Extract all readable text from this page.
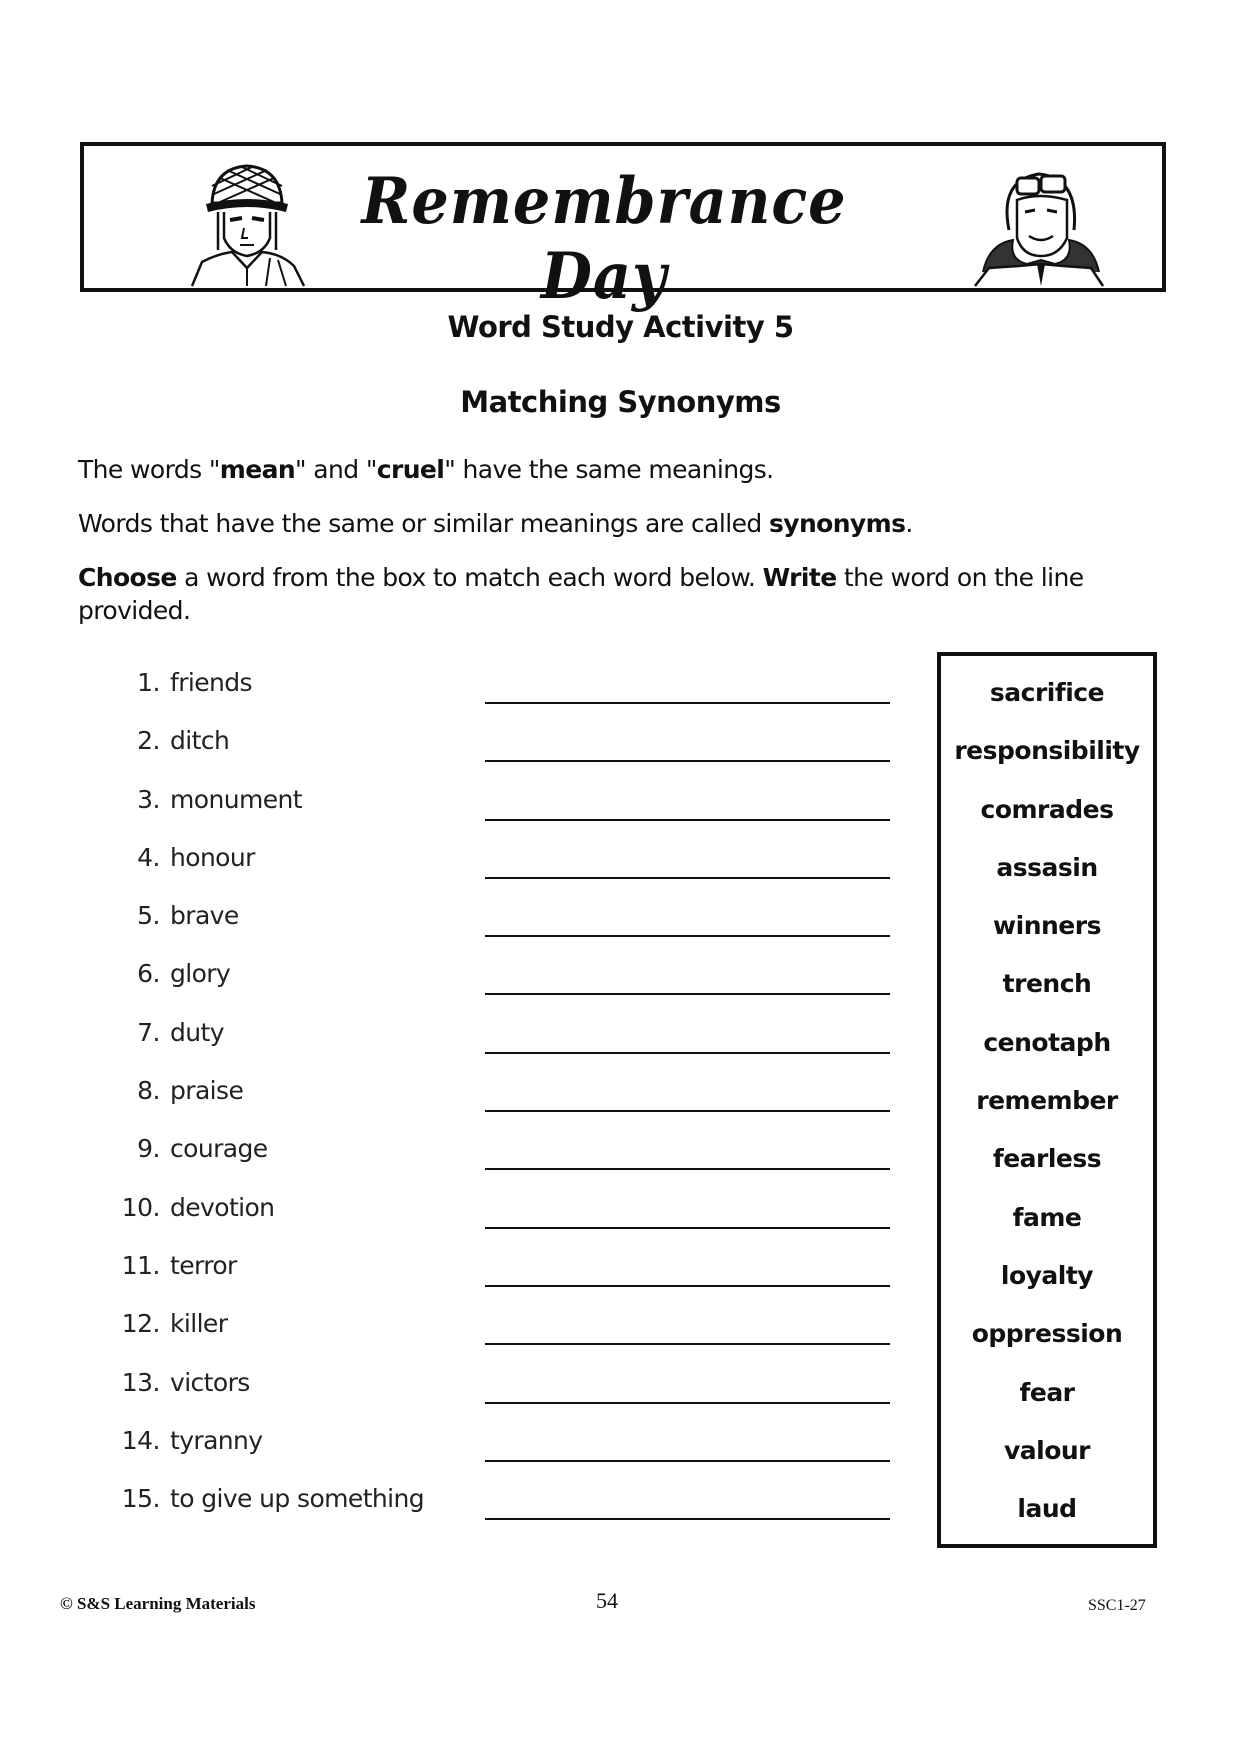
Remembrance Day
Word Study Activity 5
Matching Synonyms
The words "mean" and "cruel" have the same meanings.
Words that have the same or similar meanings are called synonyms.
Choose a word from the box to match each word below. Write the word on the line provided.
1. friends
2. ditch
3. monument
4. honour
5. brave
6. glory
7. duty
8. praise
9. courage
10. devotion
11. terror
12. killer
13. victors
14. tyranny
15. to give up something
sacrifice
responsibility
comrades
assasin
winners
trench
cenotaph
remember
fearless
fame
loyalty
oppression
fear
valour
laud
© S&S Learning Materials	54	SSC1-27
